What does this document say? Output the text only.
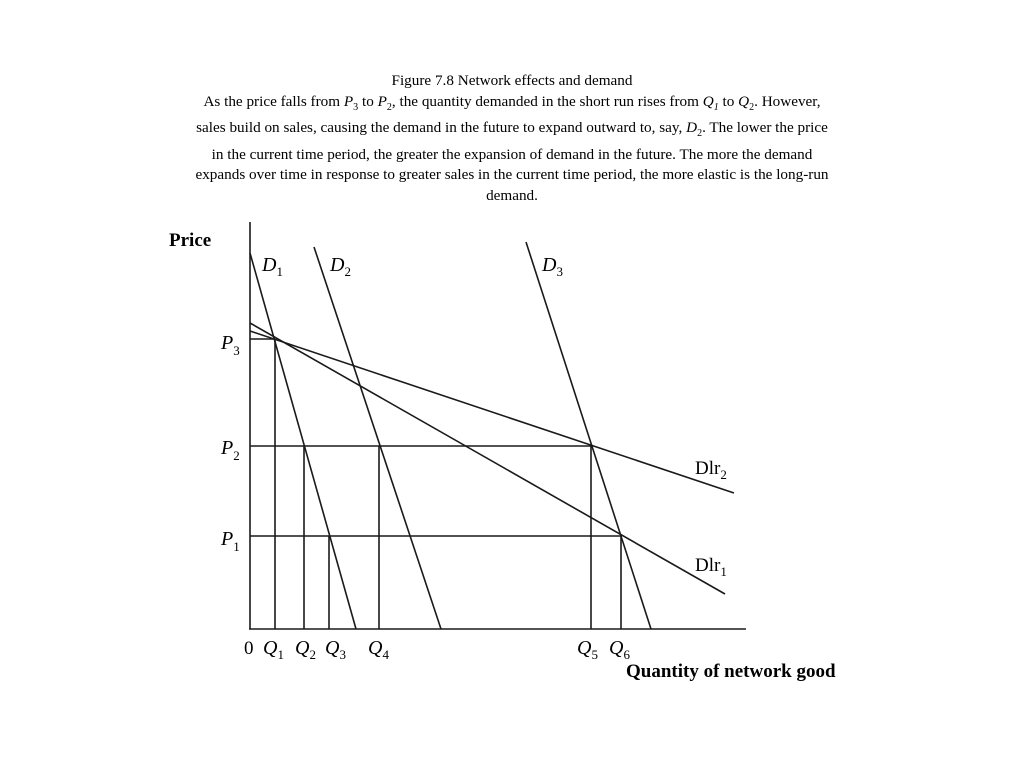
Figure 7.8 Network effects and demand

As the price falls from $P_3$ to $P_2$, the quantity demanded in the short run rises from $Q_1$ to $Q_2$. However, sales build on sales, causing the demand in the future to expand outward to, say, $D_2$. The lower the price in the current time period, the greater the expansion of demand in the future. The more the demand expands over time in response to greater sales in the current time period, the more elastic is the long-run demand.

Price
Quantity of network good
0
$P_3$
$P_2$
$P_1$
$Q_1$ $Q_2$ $Q_3$ $Q_4$	$Q_5$ $Q_6$
$D_1$ $D_2$	$D_3$
Dlr$_2$
Dlr$_1$
